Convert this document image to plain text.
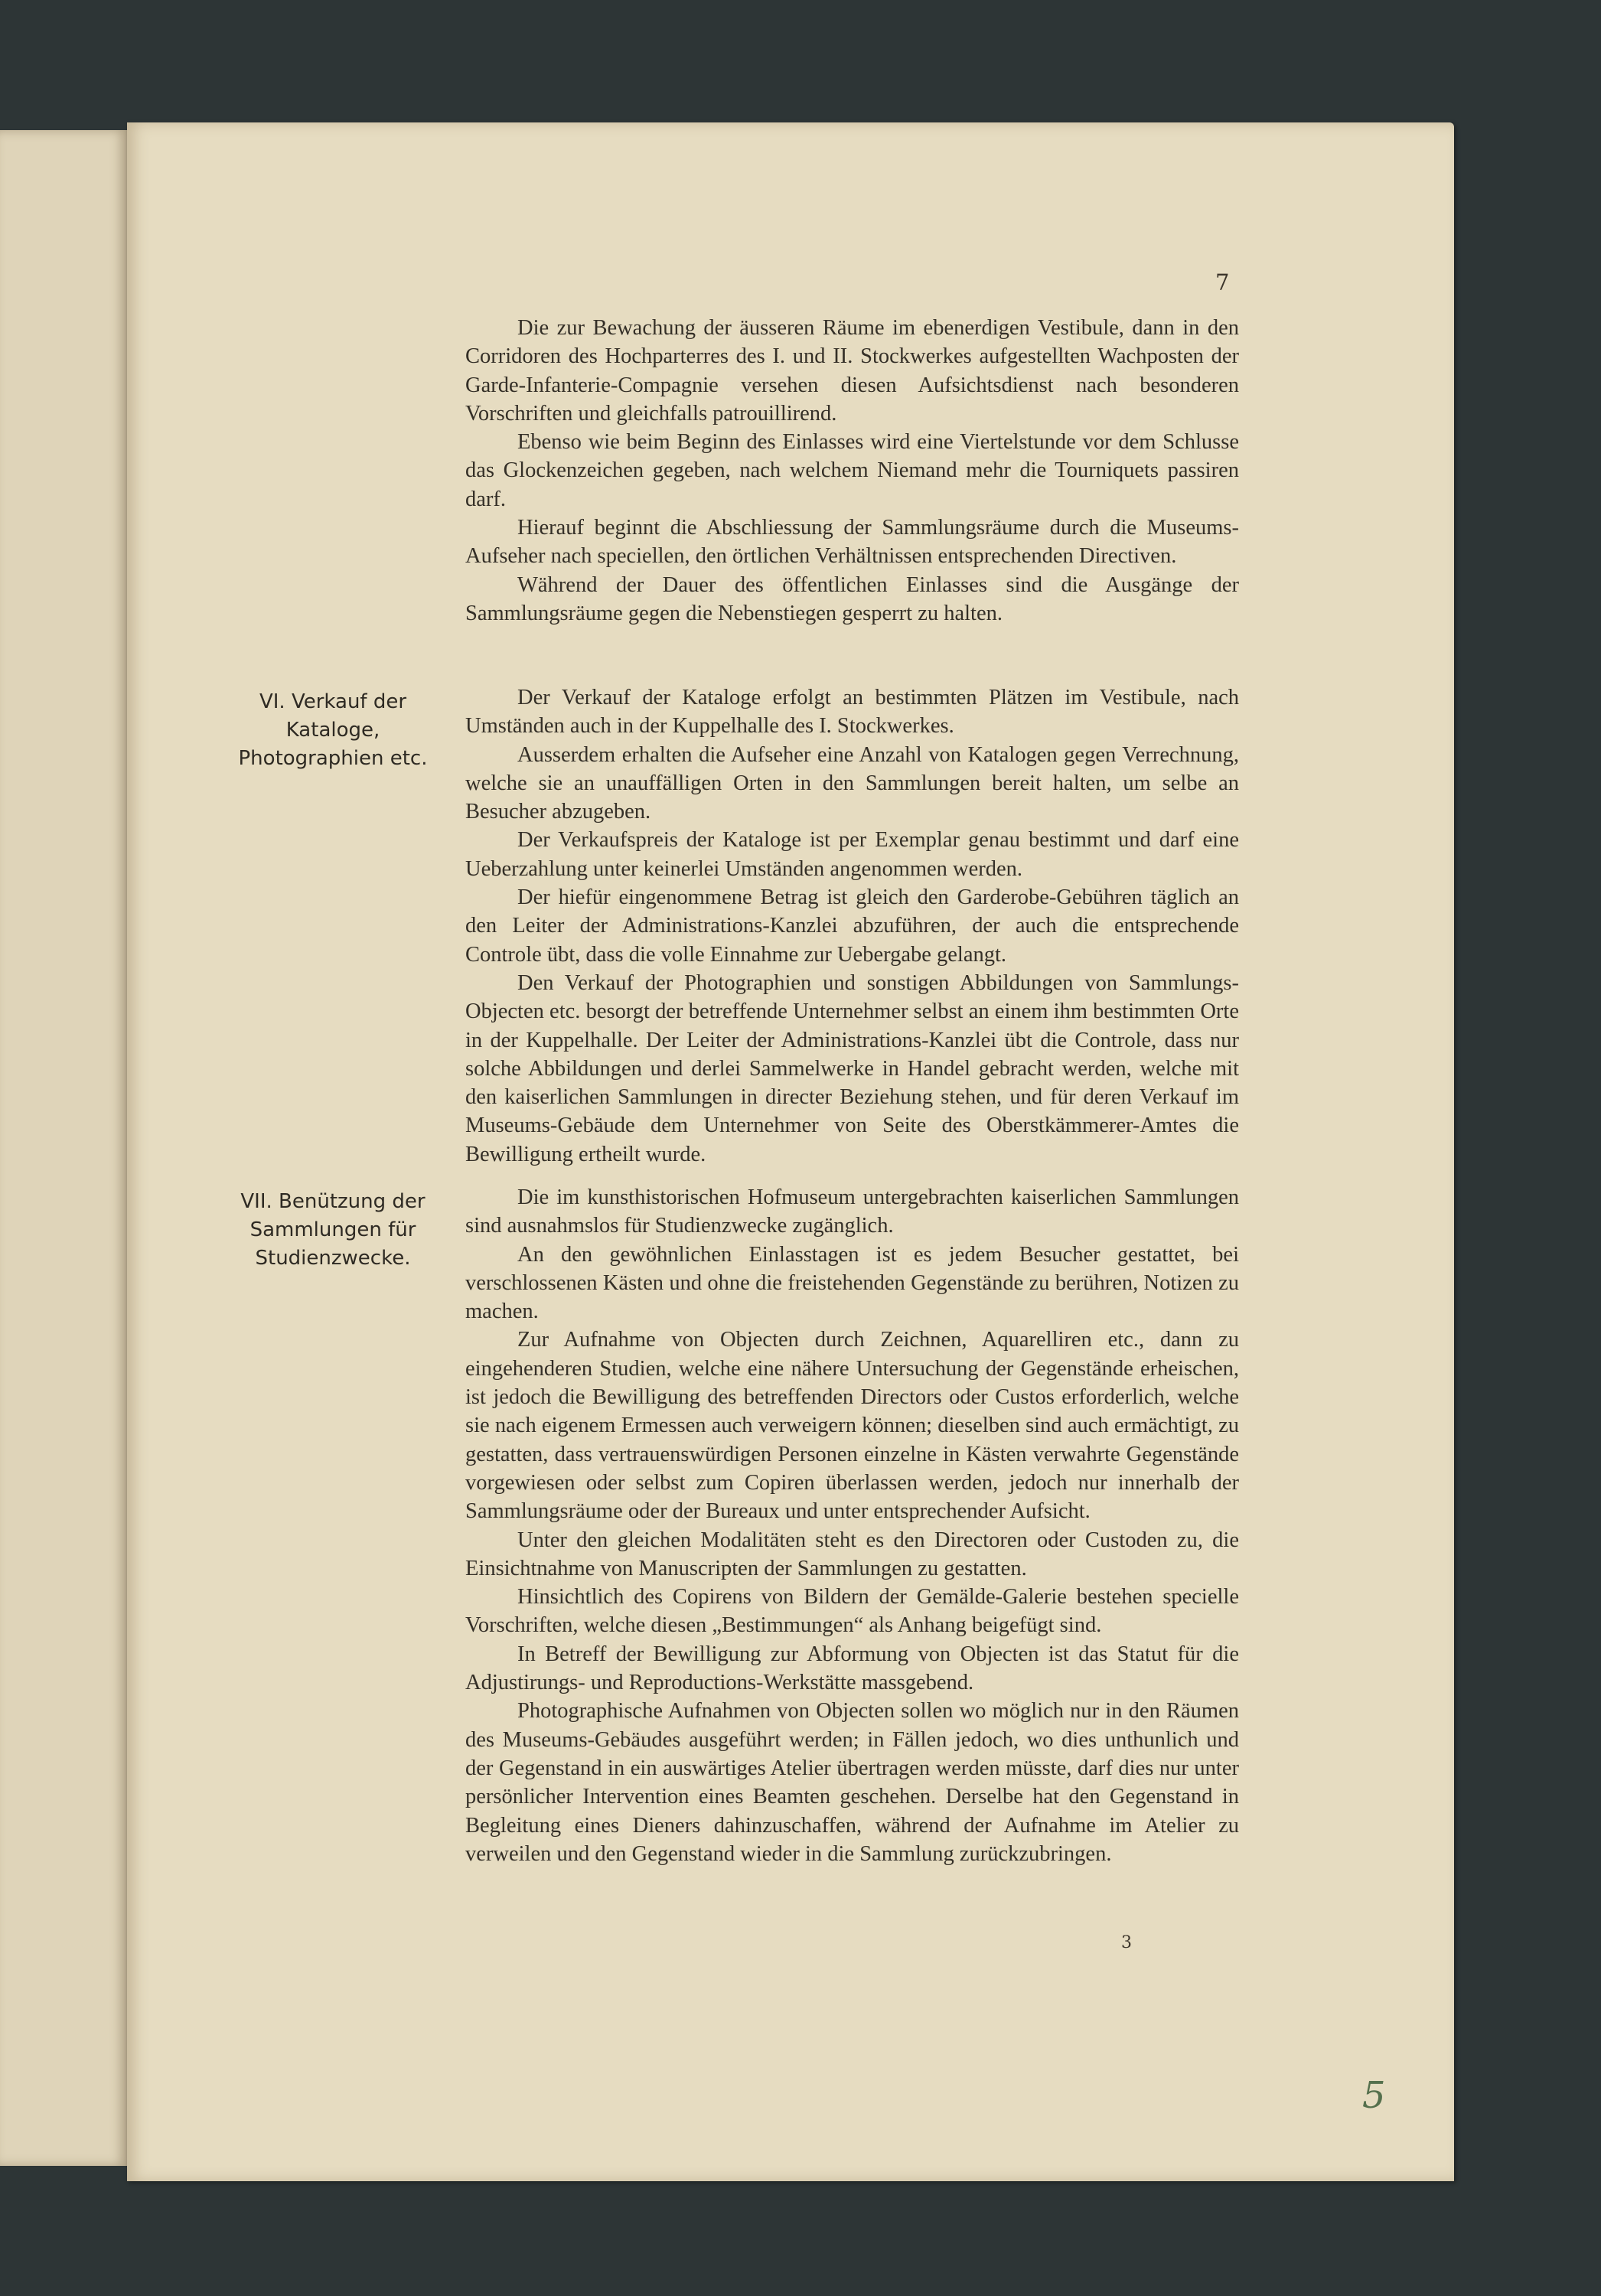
7

Die zur Bewachung der äusseren Räume im ebenerdigen Vestibule, dann in den Corridoren des Hochparterres des I. und II. Stockwerkes aufgestellten Wachposten der Garde-Infanterie-Compagnie versehen diesen Aufsichtsdienst nach besonderen Vorschriften und gleichfalls patrouillirend.

Ebenso wie beim Beginn des Einlasses wird eine Viertelstunde vor dem Schlusse das Glockenzeichen gegeben, nach welchem Niemand mehr die Tourniquets passiren darf.

Hierauf beginnt die Abschliessung der Sammlungsräume durch die Museums-Aufseher nach speciellen, den örtlichen Verhältnissen entsprechenden Directiven.

Während der Dauer des öffentlichen Einlasses sind die Ausgänge der Sammlungsräume gegen die Nebenstiegen gesperrt zu halten.

VI. Verkauf der Kataloge, Photographien etc.

Der Verkauf der Kataloge erfolgt an bestimmten Plätzen im Vestibule, nach Umständen auch in der Kuppelhalle des I. Stockwerkes.

Ausserdem erhalten die Aufseher eine Anzahl von Katalogen gegen Verrechnung, welche sie an unauffälligen Orten in den Sammlungen bereit halten, um selbe an Besucher abzugeben.

Der Verkaufspreis der Kataloge ist per Exemplar genau bestimmt und darf eine Ueberzahlung unter keinerlei Umständen angenommen werden.

Der hiefür eingenommene Betrag ist gleich den Garderobe-Gebühren täglich an den Leiter der Administrations-Kanzlei abzuführen, der auch die entsprechende Controle übt, dass die volle Einnahme zur Uebergabe gelangt.

Den Verkauf der Photographien und sonstigen Abbildungen von Sammlungs-Objecten etc. besorgt der betreffende Unternehmer selbst an einem ihm bestimmten Orte in der Kuppelhalle. Der Leiter der Administrations-Kanzlei übt die Controle, dass nur solche Abbildungen und derlei Sammelwerke in Handel gebracht werden, welche mit den kaiserlichen Sammlungen in directer Beziehung stehen, und für deren Verkauf im Museums-Gebäude dem Unternehmer von Seite des Oberstkämmerer-Amtes die Bewilligung ertheilt wurde.

VII. Benützung der Sammlungen für Studienzwecke.

Die im kunsthistorischen Hofmuseum untergebrachten kaiserlichen Sammlungen sind ausnahmslos für Studienzwecke zugänglich.

An den gewöhnlichen Einlasstagen ist es jedem Besucher gestattet, bei verschlossenen Kästen und ohne die freistehenden Gegenstände zu berühren, Notizen zu machen.

Zur Aufnahme von Objecten durch Zeichnen, Aquarelliren etc., dann zu eingehenderen Studien, welche eine nähere Untersuchung der Gegenstände erheischen, ist jedoch die Bewilligung des betreffenden Directors oder Custos erforderlich, welche sie nach eigenem Ermessen auch verweigern können; dieselben sind auch ermächtigt, zu gestatten, dass vertrauenswürdigen Personen einzelne in Kästen verwahrte Gegenstände vorgewiesen oder selbst zum Copiren überlassen werden, jedoch nur innerhalb der Sammlungsräume oder der Bureaux und unter entsprechender Aufsicht.

Unter den gleichen Modalitäten steht es den Directoren oder Custoden zu, die Einsichtnahme von Manuscripten der Sammlungen zu gestatten.

Hinsichtlich des Copirens von Bildern der Gemälde-Galerie bestehen specielle Vorschriften, welche diesen „Bestimmungen“ als Anhang beigefügt sind.

In Betreff der Bewilligung zur Abformung von Objecten ist das Statut für die Adjustirungs- und Reproductions-Werkstätte massgebend.

Photographische Aufnahmen von Objecten sollen wo möglich nur in den Räumen des Museums-Gebäudes ausgeführt werden; in Fällen jedoch, wo dies unthunlich und der Gegenstand in ein auswärtiges Atelier übertragen werden müsste, darf dies nur unter persönlicher Intervention eines Beamten geschehen. Derselbe hat den Gegenstand in Begleitung eines Dieners dahinzuschaffen, während der Aufnahme im Atelier zu verweilen und den Gegenstand wieder in die Sammlung zurückzubringen.

3
5
